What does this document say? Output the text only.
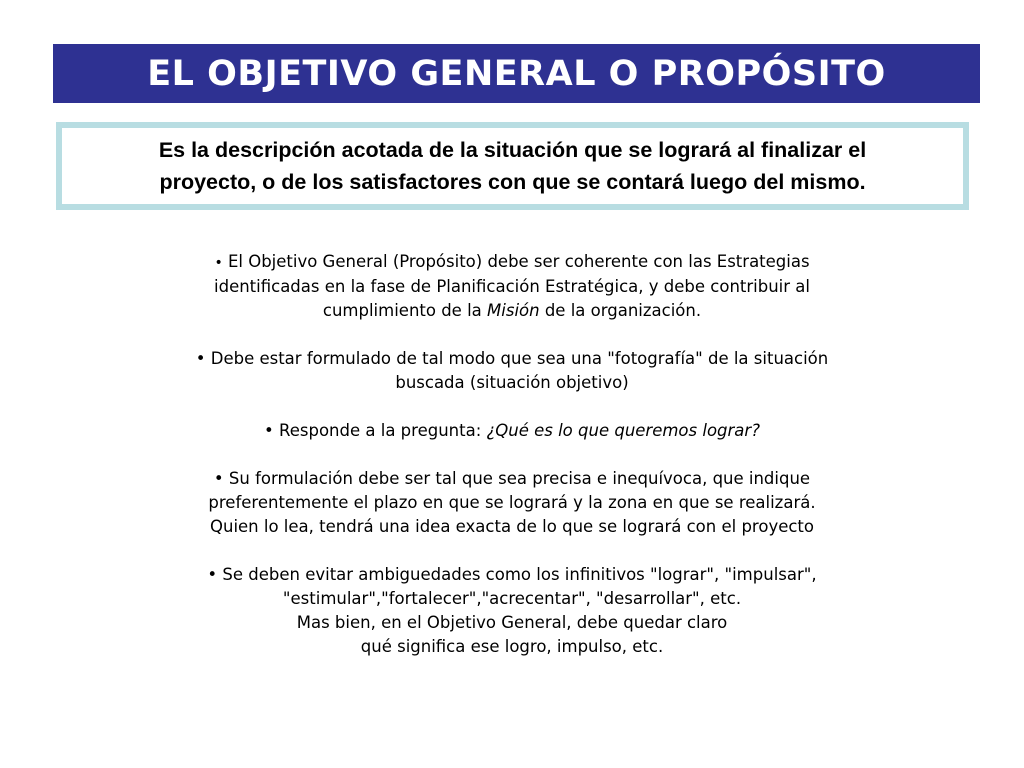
EL OBJETIVO GENERAL O PROPÓSITO
Es la descripción acotada de la situación que se logrará al finalizar el
proyecto, o de los satisfactores con que se contará luego del mismo.
• El Objetivo General (Propósito) debe ser coherente con las Estrategias
identificadas en la fase de Planificación Estratégica, y debe contribuir al
cumplimiento de la Misión de la organización.
• Debe estar formulado de tal modo que sea una "fotografía" de la situación
buscada (situación objetivo)
• Responde a la pregunta: ¿Qué es lo que queremos lograr?
• Su formulación debe ser tal que sea precisa e inequívoca, que indique
preferentemente el plazo en que se logrará y la zona en que se realizará.
Quien lo lea, tendrá una idea exacta de lo que se logrará con el proyecto
• Se deben evitar ambiguedades como los infinitivos "lograr", "impulsar",
"estimular","fortalecer","acrecentar", "desarrollar", etc.
Mas bien, en el Objetivo General, debe quedar claro
qué significa ese logro, impulso, etc.
